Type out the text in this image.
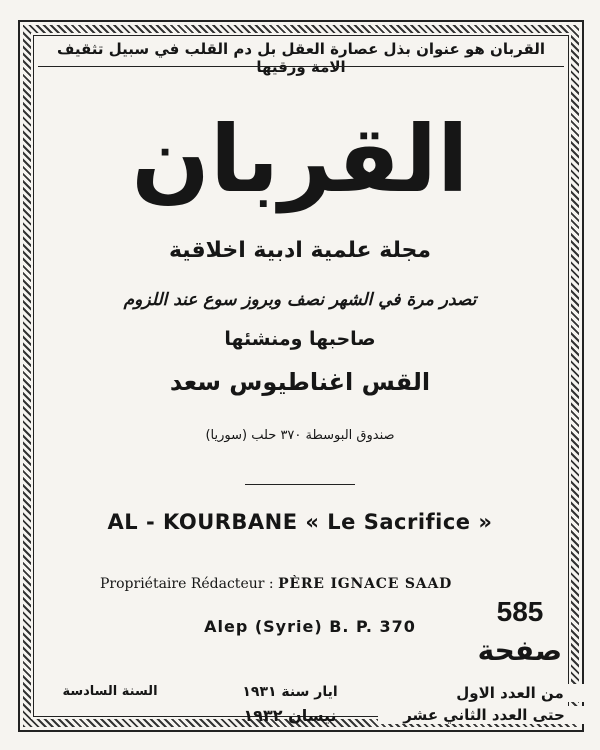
القربان هو عنوان بذل عصارة العقل بل دم القلب في سبيل تثقيف الامة ورقيها
القربان
مجلة علمية ادبية اخلاقية
تصدر مرة في الشهر نصف وبروز سوع عند اللزوم
صاحبها ومنشئها
القس اغناطيوس سعد
صندوق البوسطة ٣٧٠ حلب (سوريا)
AL - KOURBANE « Le Sacrifice »
Propriétaire Rédacteur : PÈRE IGNACE SAAD
Alep (Syrie) B. P. 370	585
صفحة
السنة السادسة	ايار سنة ١٩٣١
نيسان ١٩٣٢
من العدد الاول
حتى العدد الثاني عشر
